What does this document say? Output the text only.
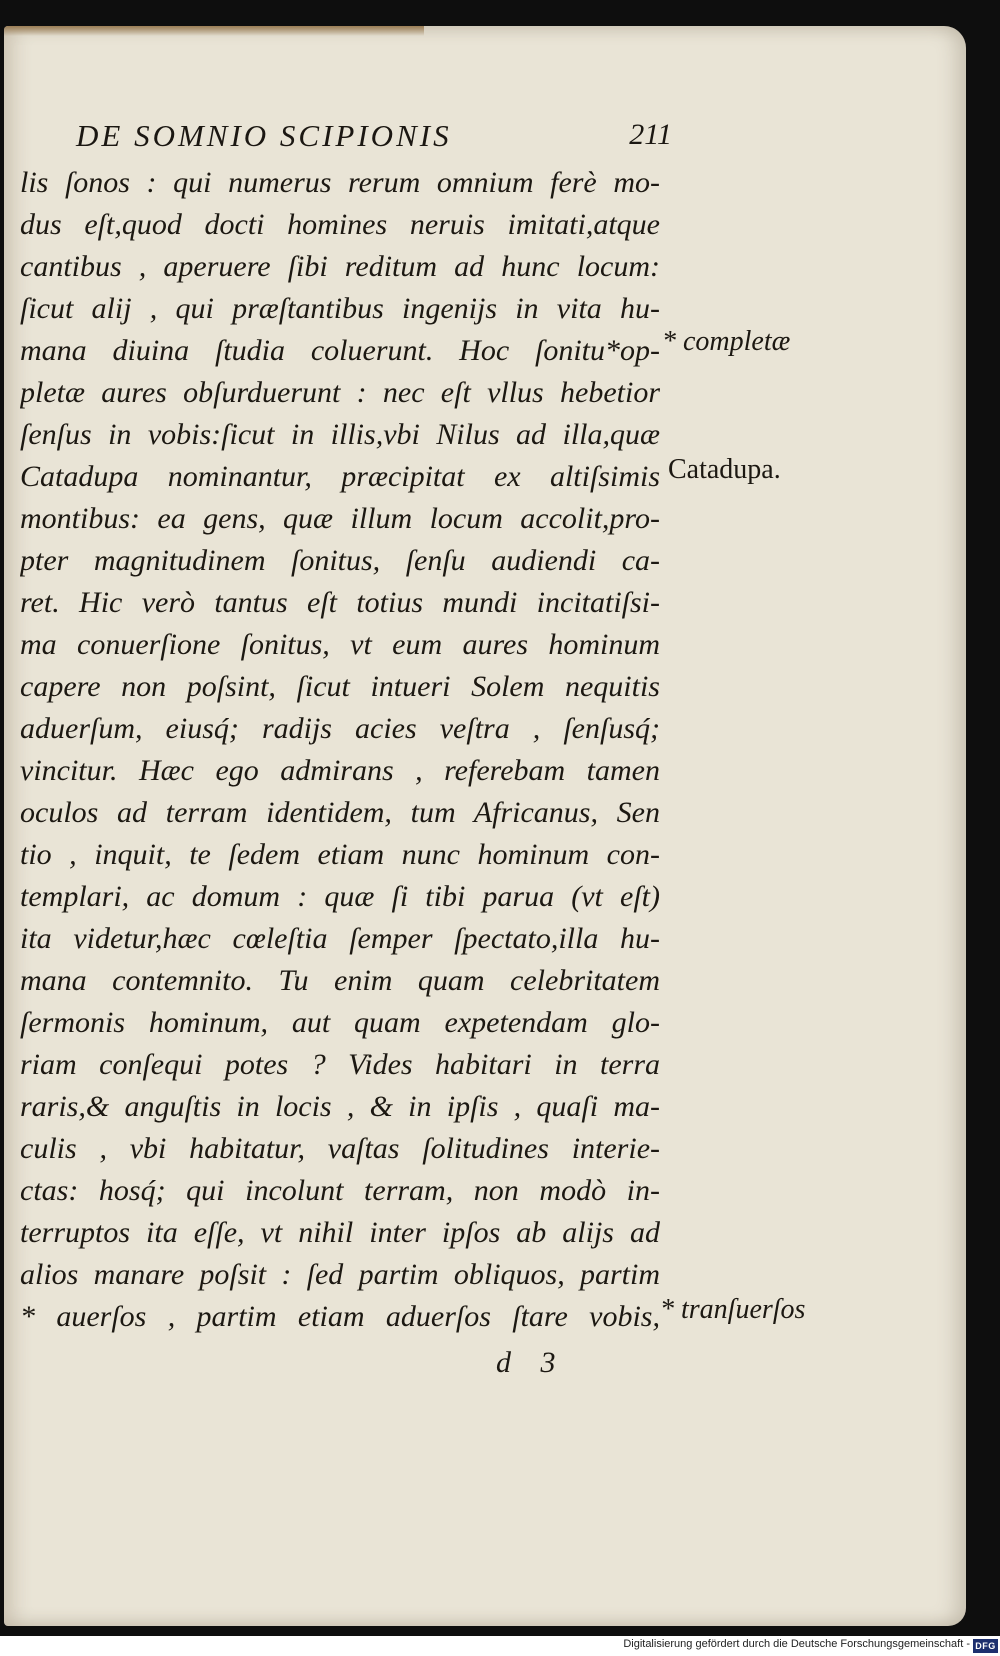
DE SOMNIO SCIPIONIS	211
lis ſonos : qui numerus rerum omnium ferè mo-
dus eſt,quod docti homines neruis imitati,atque
cantibus , aperuere ſibi reditum ad hunc locum:
ſicut alij , qui præſtantibus ingenijs in vita hu-
mana diuina ſtudia coluerunt. Hoc ſonitu*op-
pletæ aures obſurduerunt : nec eſt vllus hebetior
ſenſus in vobis:ſicut in illis,vbi Nilus ad illa,quæ
Catadupa nominantur, præcipitat ex altiſsimis
montibus: ea gens, quæ illum locum accolit,pro-
pter magnitudinem ſonitus, ſenſu audiendi ca-
ret. Hic verò tantus eſt totius mundi incitatiſsi-
ma conuerſione ſonitus, vt eum aures hominum
capere non poſsint, ſicut intueri Solem nequitis
aduerſum, eiusq́; radijs acies veſtra , ſenſusq́;
vincitur. Hæc ego admirans , referebam tamen
oculos ad terram identidem, tum Africanus, Sen
tio , inquit, te ſedem etiam nunc hominum con-
templari, ac domum : quæ ſi tibi parua (vt eſt)
ita videtur,hæc cœleſtia ſemper ſpectato,illa hu-
mana contemnito. Tu enim quam celebritatem
ſermonis hominum, aut quam expetendam glo-
riam conſequi potes ? Vides habitari in terra
raris,& anguſtis in locis , & in ipſis , quaſi ma-
culis , vbi habitatur, vaſtas ſolitudines interie-
ctas: hosq́; qui incolunt terram, non modò in-
terruptos ita eſſe, vt nihil inter ipſos ab alijs ad
alios manare poſsit : ſed partim obliquos, partim
* auerſos , partim etiam aduerſos ſtare vobis,
* completæ
Catadupa.
* tranſuerſos
d 3
Digitalisierung gefördert durch die Deutsche Forschungsgemeinschaft - DFG
